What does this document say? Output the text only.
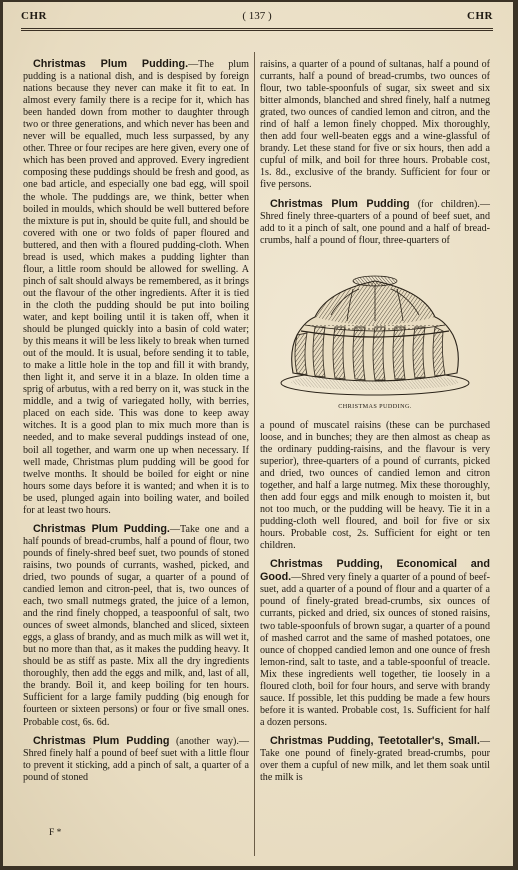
CHR	( 137 )	CHR

Christmas Plum Pudding.—The plum pudding is a national dish, and is despised by foreign nations because they never can make it fit to eat. In almost every family there is a recipe for it, which has been handed down from mother to daughter through two or three generations, and which never has been and never will be equalled, much less surpassed, by any other. Three or four recipes are here given, every one of which has been proved and approved. Every ingredient composing these puddings should be fresh and good, as one bad article, and especially one bad egg, will spoil the whole. The puddings are, we think, better when boiled in moulds, which should be well buttered before the mixture is put in, should be quite full, and should be covered with one or two folds of paper floured and buttered, and then with a floured pudding-cloth. When bread is used, which makes a pudding lighter than flour, a little room should be allowed for swelling. A pinch of salt should always be remembered, as it brings out the flavour of the other ingredients. After it is tied in the cloth the pudding should be put into boiling water, and kept boiling until it is taken off, when it should be plunged quickly into a basin of cold water; by this means it will be less likely to break when turned out of the mould. It is usual, before sending it to table, to make a little hole in the top and fill it with brandy, then light it, and serve it in a blaze. In olden time a sprig of arbutus, with a red berry on it, was stuck in the middle, and a twig of variegated holly, with berries, placed on each side. This was done to keep away witches. It is a good plan to mix much more than is needed, and to make several puddings instead of one, boil all together, and warm one up when necessary. If well made, Christmas plum pudding will be good for twelve months. It should be boiled for eight or nine hours some days before it is wanted; and when it is to be used, plunged again into boiling water, and boiled for at least two hours.

Christmas Plum Pudding.—Take one and a half pounds of bread-crumbs, half a pound of flour, two pounds of finely-shred beef suet, two pounds of stoned raisins, two pounds of currants, washed, picked, and dried, two pounds of sugar, a quarter of a pound of candied lemon and citron-peel, that is, two ounces of each, two small nutmegs grated, the juice of a lemon, and the rind finely chopped, a teaspoonful of salt, two ounces of sweet almonds, blanched and sliced, sixteen eggs, a glass of brandy, and as much milk as will wet it, but no more than that, as it makes the pudding heavy. It should be as stiff as paste. Mix all the dry ingredients thoroughly, then add the eggs and milk, and, last of all, the brandy. Boil it, and keep boiling for ten hours. Sufficient for a large family pudding (big enough for fourteen or sixteen persons) or four or five small ones. Probable cost, 6s. 6d.

Christmas Plum Pudding (another way).—Shred finely half a pound of beef suet with a little flour to prevent it sticking, add a pinch of salt, a quarter of a pound of stoned

F *

raisins, a quarter of a pound of sultanas, half a pound of currants, half a pound of bread-crumbs, two ounces of flour, two table-spoonfuls of sugar, six sweet and six bitter almonds, blanched and shred finely, half a nutmeg grated, two ounces of candied lemon and citron, and the rind of half a lemon finely chopped. Mix thoroughly, then add four well-beaten eggs and a wine-glassful of brandy. Let these stand for five or six hours, then add a cupful of milk, and boil for three hours. Probable cost, 1s. 8d., exclusive of the brandy. Sufficient for four or five persons.

Christmas Plum Pudding (for children).—Shred finely three-quarters of a pound of beef suet, and add to it a pinch of salt, one pound and a half of bread-crumbs, half a pound of flour, three-quarters of

CHRISTMAS PUDDING.

a pound of muscatel raisins (these can be purchased loose, and in bunches; they are then almost as cheap as the ordinary pudding-raisins, and the flavour is very superior), three-quarters of a pound of currants, picked and dried, two ounces of candied lemon and citron together, and half a large nutmeg. Mix these thoroughly, then add four eggs and milk enough to moisten it, but not too much, or the pudding will be heavy. Tie it in a pudding-cloth well floured, and boil for five or six hours. Probable cost, 2s. Sufficient for eight or ten children.

Christmas Pudding, Economical and Good.—Shred very finely a quarter of a pound of beef-suet, add a quarter of a pound of flour and a quarter of a pound of finely-grated bread-crumbs, six ounces of currants, picked and dried, six ounces of stoned raisins, two table-spoonfuls of brown sugar, a quarter of a pound of mashed carrot and the same of mashed potatoes, one ounce of chopped candied lemon and one ounce of fresh lemon-rind, salt to taste, and a table-spoonful of treacle. Mix these ingredients well together, tie loosely in a floured cloth, boil for four hours, and serve with brandy sauce. If possible, let this pudding be made a few hours before it is wanted. Probable cost, 1s. Sufficient for half a dozen persons.

Christmas Pudding, Teetotaller's, Small.—Take one pound of finely-grated bread-crumbs, pour over them a cupful of new milk, and let them soak until the milk is
